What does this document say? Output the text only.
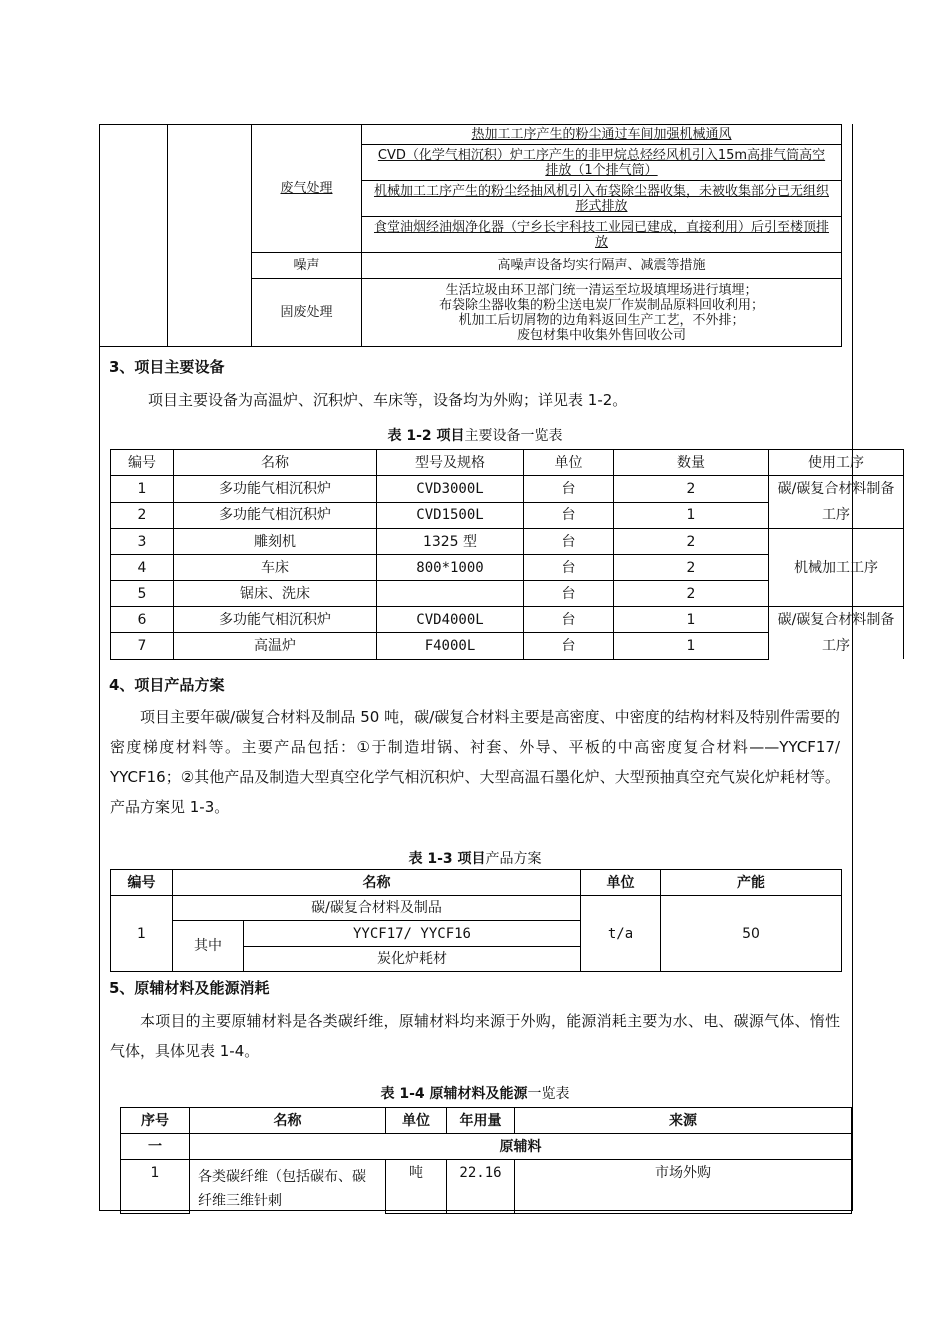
		废气处理	热加工工序产生的粉尘通过车间加强机械通风
			CVD（化学气相沉积）炉工序产生的非甲烷总烃经风机引入15m高排气筒高空排放（1个排气筒）
			机械加工工序产生的粉尘经抽风机引入布袋除尘器收集，未被收集部分已无组织形式排放
			食堂油烟经油烟净化器（宁乡长宇科技工业园已建成，直接利用）后引至楼顶排放

		噪声	高噪声设备均实行隔声、减震等措施
		固废处理	生活垃圾由环卫部门统一清运至垃圾填埋场进行填埋；
布袋除尘器收集的粉尘送电炭厂作炭制品原料回收利用；
机加工后切屑物的边角料返回生产工艺，不外排；
废包材集中收集外售回收公司
3、项目主要设备
项目主要设备为高温炉、沉积炉、车床等，设备均为外购；详见表 1-2。
表 1-2 项目主要设备一览表
编号	名称	型号及规格	单位	数量	使用工序
1	多功能气相沉积炉	CVD3000L	台	2	碳/碳复合材料制备工序
2	多功能气相沉积炉	CVD1500L	台	1	
3	雕刻机	1325 型	台	2	机械加工工序
4	车床	800*1000	台	2	
5	锯床、洗床		台	2	
6	多功能气相沉积炉	CVD4000L	台	1	碳/碳复合材料制备工序
7	高温炉	F4000L	台	1	
4、项目产品方案
项目主要年碳/碳复合材料及制品 50 吨，碳/碳复合材料主要是高密度、中密度的结构材料及特别件需要的密度梯度材料等。主要产品包括：①于制造坩锅、衬套、外导、平板的中高密度复合材料——YYCF17/ YYCF16；②其他产品及制造大型真空化学气相沉积炉、大型高温石墨化炉、大型预抽真空充气炭化炉耗材等。产品方案见 1-3。
表 1-3 项目产品方案
编号	名称		单位	产能
1	碳/碳复合材料及制品		t/a	50
	其中	YYCF17/ YYCF16		
		炭化炉耗材		
5、原辅材料及能源消耗
本项目的主要原辅材料是各类碳纤维，原辅材料均来源于外购，能源消耗主要为水、电、碳源气体、惰性气体，具体见表 1-4。
表 1-4 原辅材料及能源一览表
序号	名称	单位	年用量	来源
一	原辅料			
1	各类碳纤维（包括碳布、碳纤维三维针刺	吨	22.16	市场外购
